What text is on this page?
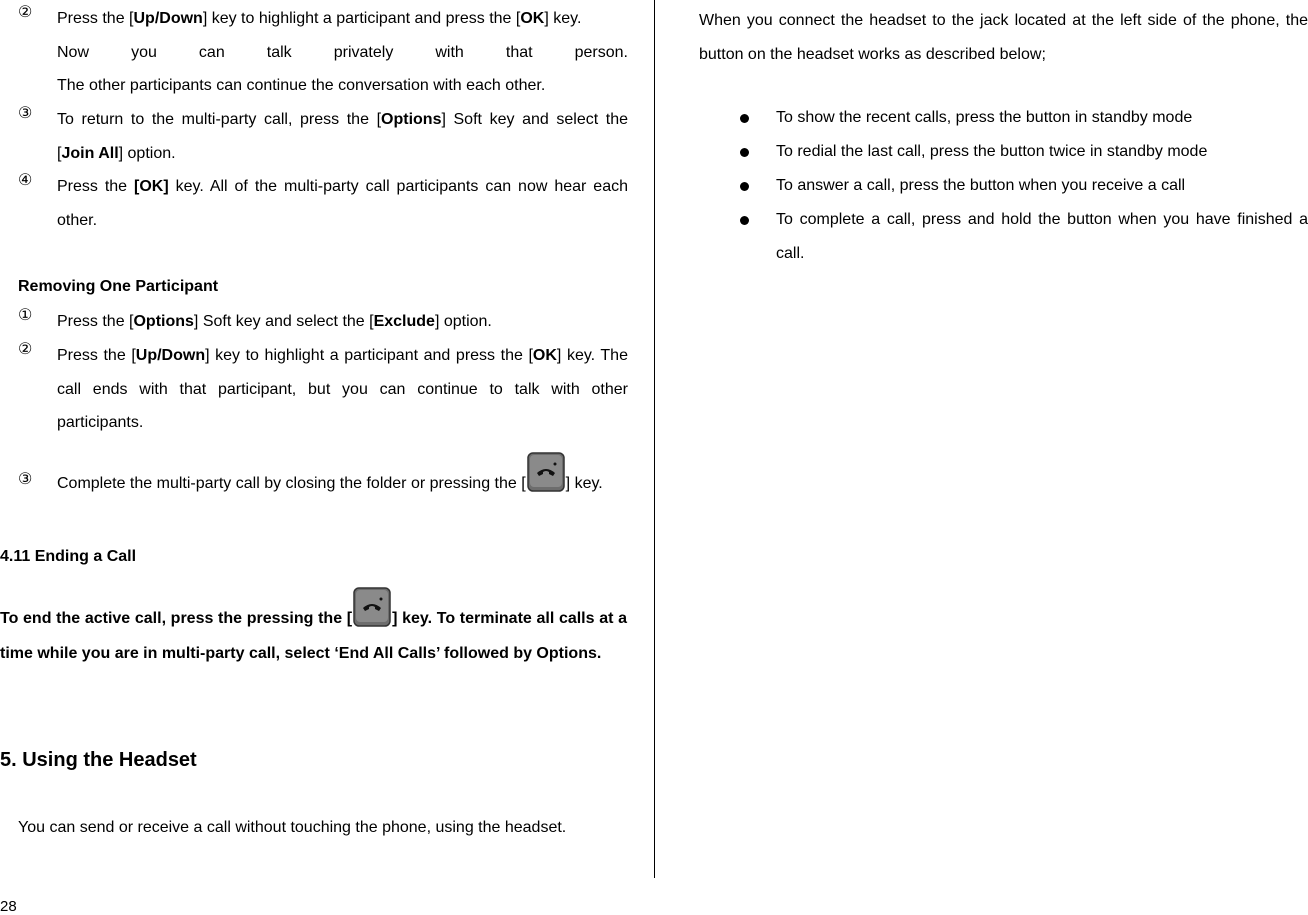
②	Press the [Up/Down] key to highlight a participant and press the [OK] key.

Now you can talk privately with that person.
The other participants can continue the conversation with each other.
③	To return to the multi-party call, press the [Options] Soft key and select the [Join All] option.
④	Press the [OK] key. All of the multi-party call participants can now hear each other.
Removing One Participant
①	Press the [Options] Soft key and select the [Exclude] option.
②	Press the [Up/Down] key to highlight a participant and press the [OK] key. The call ends with that participant, but you can continue to talk with other participants.
③	Complete the multi-party call by closing the folder or pressing the [	] key.
4.11 Ending a Call
To end the active call, press the pressing the [	] key. To terminate all calls at a time while you are in multi-party call, select ‘End All Calls’ followed by Options.
5. Using the Headset
You can send or receive a call without touching the phone, using the headset.

When you connect the headset to the jack located at the left side of the phone, the button on the headset works as described below;

To show the recent calls, press the button in standby mode
To redial the last call, press the button twice in standby mode
To answer a call, press the button when you receive a call
To complete a call, press and hold the button when you have finished a call.
28
